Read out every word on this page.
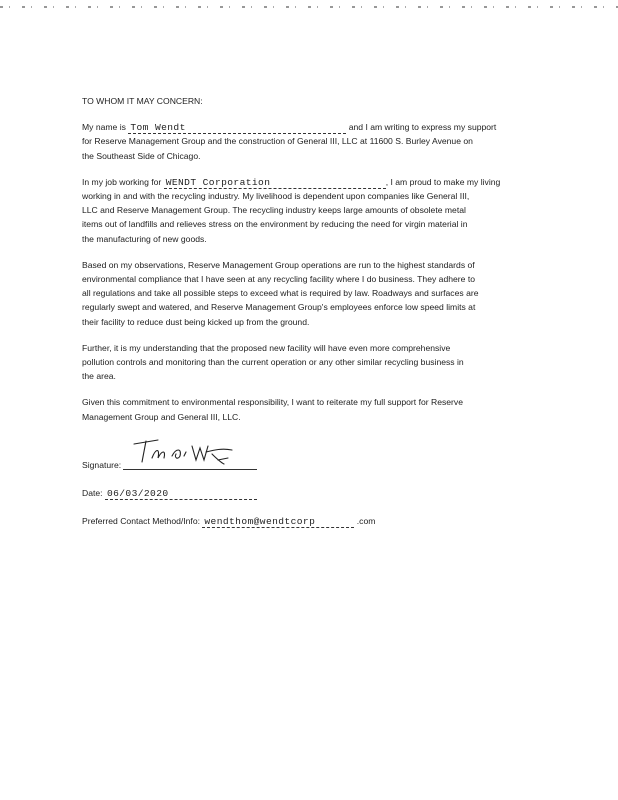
TO WHOM IT MAY CONCERN:

My name is Tom Wendt	and I am writing to express my support
for Reserve Management Group and the construction of General III, LLC at 11600 S. Burley Avenue on
the Southeast Side of Chicago.

In my job working for WENDT Corporation	, I am proud to make my living
working in and with the recycling industry. My livelihood is dependent upon companies like General III,
LLC and Reserve Management Group. The recycling industry keeps large amounts of obsolete metal
items out of landfills and relieves stress on the environment by reducing the need for virgin material in
the manufacturing of new goods.

Based on my observations, Reserve Management Group operations are run to the highest standards of
environmental compliance that I have seen at any recycling facility where I do business. They adhere to
all regulations and take all possible steps to exceed what is required by law. Roadways and surfaces are
regularly swept and watered, and Reserve Management Group's employees enforce low speed limits at
their facility to reduce dust being kicked up from the ground.

Further, it is my understanding that the proposed new facility will have even more comprehensive
pollution controls and monitoring than the current operation or any other similar recycling business in
the area.

Given this commitment to environmental responsibility, I want to reiterate my full support for Reserve
Management Group and General III, LLC.

Signature:
Date: 06/03/2020
Preferred Contact Method/Info: wendthom@wendtcorp	.com
